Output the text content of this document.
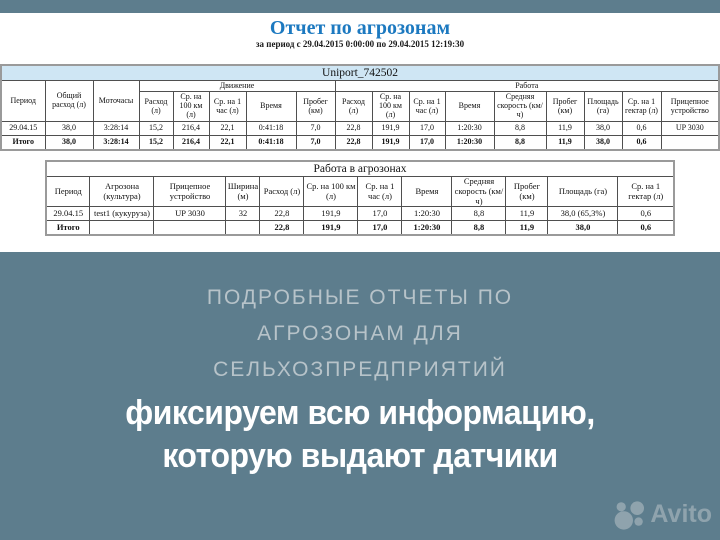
Отчет по агрозонам
за период с 29.04.2015 0:00:00 по 29.04.2015 12:19:30
Uniport_742502																
Период	Общий расход (л)	Моточасы	Движение					Работа								
			Расход (л)	Ср. на 100 км (л)	Ср. на 1 час (л)	Время	Пробег (км)	Расход (л)	Ср. на 100 км (л)	Ср. на 1 час (л)	Время	Средняя скорость (км/ч)	Пробег (км)	Площадь (га)	Ср. на 1 гектар (л)	Прицепное устройство
29.04.15	38,0	3:28:14	15,2	216,4	22,1	0:41:18	7,0	22,8	191,9	17,0	1:20:30	8,8	11,9	38,0	0,6	UP 3030
Итого	38,0	3:28:14	15,2	216,4	22,1	0:41:18	7,0	22,8	191,9	17,0	1:20:30	8,8	11,9	38,0	0,6	
Работа в агрозонах											
Период	Агрозона (культура)	Прицепное устройство	Ширина (м)	Расход (л)	Ср. на 100 км (л)	Ср. на 1 час (л)	Время	Средняя скорость (км/ч)	Пробег (км)	Площадь (га)	Ср. на 1 гектар (л)
29.04.15	test1 (кукуруза)	UP 3030	32	22,8	191,9	17,0	1:20:30	8,8	11,9	38,0 (65,3%)	0,6
Итого				22,8	191,9	17,0	1:20:30	8,8	11,9	38,0	0,6
ПОДРОБНЫЕ ОТЧЕТЫ ПО
АГРОЗОНАМ ДЛЯ
СЕЛЬХОЗПРЕДПРИЯТИЙ
фиксируем всю информацию,
которую выдают датчики
Avito
